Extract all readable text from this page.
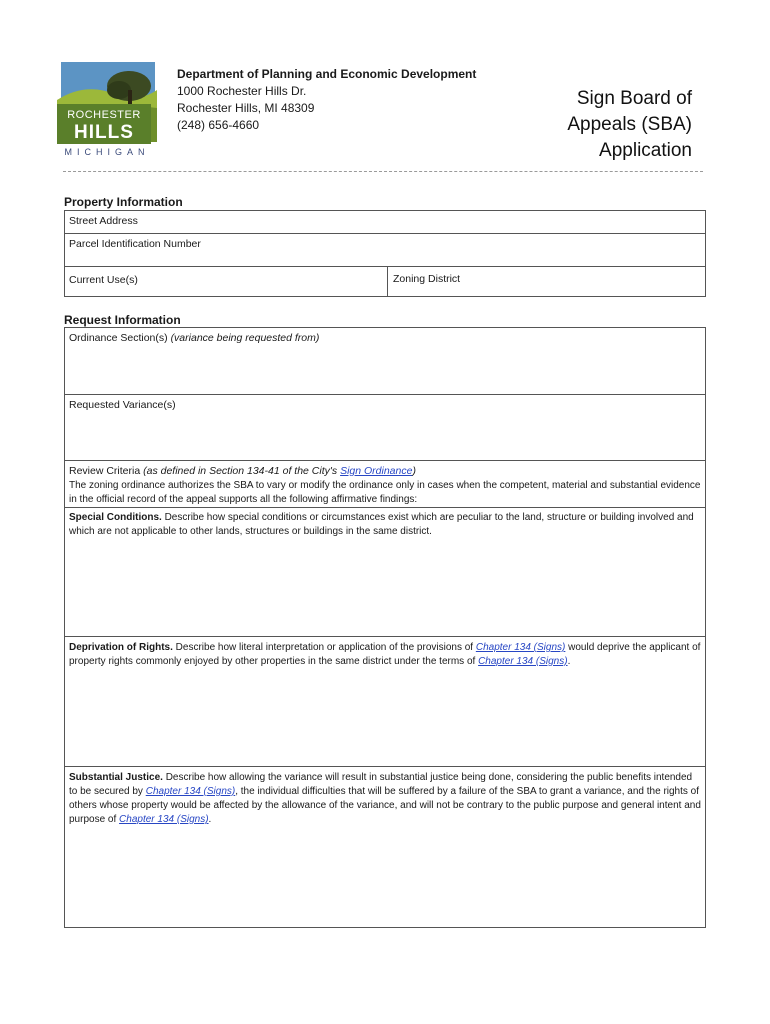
ROCHESTER
HILLS
MICHIGAN
Department of Planning and Economic Development
1000 Rochester Hills Dr.
Rochester Hills, MI 48309
(248) 656-4660
Sign Board of
Appeals (SBA)
Application
Property Information
Street Address
Parcel Identification Number
Current Use(s)	Zoning District
Request Information
Ordinance Section(s) (variance being requested from)
Requested Variance(s)
Review Criteria (as defined in Section 134-41 of the City's Sign Ordinance)
The zoning ordinance authorizes the SBA to vary or modify the ordinance only in cases when the competent, material and substantial evidence in the official record of the appeal supports all the following affirmative findings:
Special Conditions. Describe how special conditions or circumstances exist which are peculiar to the land, structure or building involved and which are not applicable to other lands, structures or buildings in the same district.
Deprivation of Rights. Describe how literal interpretation or application of the provisions of Chapter 134 (Signs) would deprive the applicant of property rights commonly enjoyed by other properties in the same district under the terms of Chapter 134 (Signs).
Substantial Justice. Describe how allowing the variance will result in substantial justice being done, considering the public benefits intended to be secured by Chapter 134 (Signs), the individual difficulties that will be suffered by a failure of the SBA to grant a variance, and the rights of others whose property would be affected by the allowance of the variance, and will not be contrary to the public purpose and general intent and purpose of Chapter 134 (Signs).
